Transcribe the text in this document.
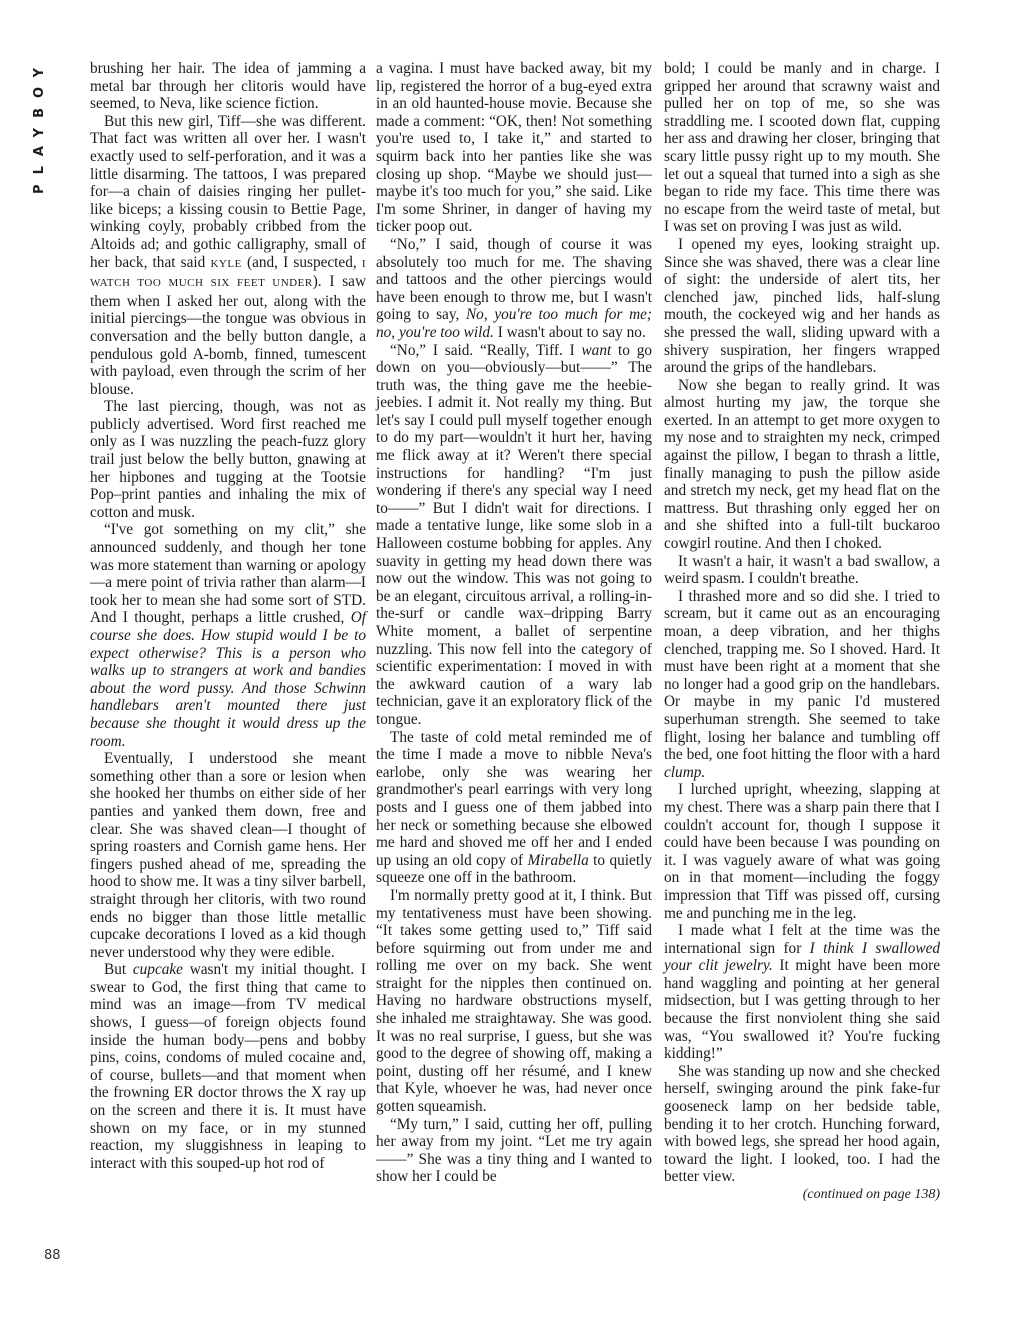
PLAYBOY	brushing her hair. The idea of jamming a metal bar through her clitoris would have seemed, to Neva, like science fiction.

But this new girl, Tiff—she was different. That fact was written all over her. I wasn't exactly used to self-perforation, and it was a little disarming. The tattoos, I was prepared for—a chain of daisies ringing her pullet-like biceps; a kissing cousin to Bettie Page, winking coyly, probably cribbed from the Altoids ad; and gothic calligraphy, small of her back, that said KYLE (and, I suspected, I WATCH TOO MUCH SIX FEET UNDER). I saw them when I asked her out, along with the initial piercings—the tongue was obvious in conversation and the belly button dangle, a pendulous gold A-bomb, finned, tumescent with payload, even through the scrim of her blouse.

The last piercing, though, was not as publicly advertised. Word first reached me only as I was nuzzling the peach-fuzz glory trail just below the belly button, gnawing at her hipbones and tugging at the Tootsie Pop–print panties and inhaling the mix of cotton and musk.

“I've got something on my clit,” she announced suddenly, and though her tone was more statement than warning or apology—a mere point of trivia rather than alarm—I took her to mean she had some sort of STD. And I thought, perhaps a little crushed, Of course she does. How stupid would I be to expect otherwise? This is a person who walks up to strangers at work and bandies about the word pussy. And those Schwinn handlebars aren't mounted there just because she thought it would dress up the room.

Eventually, I understood she meant something other than a sore or lesion when she hooked her thumbs on either side of her panties and yanked them down, free and clear. She was shaved clean—I thought of spring roasters and Cornish game hens. Her fingers pushed ahead of me, spreading the hood to show me. It was a tiny silver barbell, straight through her clitoris, with two round ends no bigger than those little metallic cupcake decorations I loved as a kid though never understood why they were edible.

But cupcake wasn't my initial thought. I swear to God, the first thing that came to mind was an image—from TV medical shows, I guess—of foreign objects found inside the human body—pens and bobby pins, coins, condoms of muled cocaine and, of course, bullets—and that moment when the frowning ER doctor throws the X ray up on the screen and there it is. It must have shown on my face, or in my stunned reaction, my sluggishness in leaping to interact with this souped-up hot rod of

a vagina. I must have backed away, bit my lip, registered the horror of a bug-eyed extra in an old haunted-house movie. Because she made a comment: “OK, then! Not something you're used to, I take it,” and started to squirm back into her panties like she was closing up shop. “Maybe we should just—maybe it's too much for you,” she said. Like I'm some Shriner, in danger of having my ticker poop out.

“No,” I said, though of course it was absolutely too much for me. The shaving and tattoos and the other piercings would have been enough to throw me, but I wasn't going to say, No, you're too much for me; no, you're too wild. I wasn't about to say no.

“No,” I said. “Really, Tiff. I want to go down on you—obviously—but——” The truth was, the thing gave me the heebie-jeebies. I admit it. Not really my thing. But let's say I could pull myself together enough to do my part—wouldn't it hurt her, having me flick away at it? Weren't there special instructions for handling? “I'm just wondering if there's any special way I need to——” But I didn't wait for directions. I made a tentative lunge, like some slob in a Halloween costume bobbing for apples. Any suavity in getting my head down there was now out the window. This was not going to be an elegant, circuitous arrival, a rolling-in-the-surf or candle wax–dripping Barry White moment, a ballet of serpentine nuzzling. This now fell into the category of scientific experimentation: I moved in with the awkward caution of a wary lab technician, gave it an exploratory flick of the tongue.

The taste of cold metal reminded me of the time I made a move to nibble Neva's earlobe, only she was wearing her grandmother's pearl earrings with very long posts and I guess one of them jabbed into her neck or something because she elbowed me hard and shoved me off her and I ended up using an old copy of Mirabella to quietly squeeze one off in the bathroom.

I'm normally pretty good at it, I think. But my tentativeness must have been showing. “It takes some getting used to,” Tiff said before squirming out from under me and rolling me over on my back. She went straight for the nipples then continued on. Having no hardware obstructions myself, she inhaled me straightaway. She was good. It was no real surprise, I guess, but she was good to the degree of showing off, making a point, dusting off her résumé, and I knew that Kyle, whoever he was, had never once gotten squeamish.

“My turn,” I said, cutting her off, pulling her away from my joint. “Let me try again——” She was a tiny thing and I wanted to show her I could be

bold; I could be manly and in charge. I gripped her around that scrawny waist and pulled her on top of me, so she was straddling me. I scooted down flat, cupping her ass and drawing her closer, bringing that scary little pussy right up to my mouth. She let out a squeal that turned into a sigh as she began to ride my face. This time there was no escape from the weird taste of metal, but I was set on proving I was just as wild.

I opened my eyes, looking straight up. Since she was shaved, there was a clear line of sight: the underside of alert tits, her clenched jaw, pinched lids, half-slung mouth, the cockeyed wig and her hands as she pressed the wall, sliding upward with a shivery suspiration, her fingers wrapped around the grips of the handlebars.

Now she began to really grind. It was almost hurting my jaw, the torque she exerted. In an attempt to get more oxygen to my nose and to straighten my neck, crimped against the pillow, I began to thrash a little, finally managing to push the pillow aside and stretch my neck, get my head flat on the mattress. But thrashing only egged her on and she shifted into a full-tilt buckaroo cowgirl routine. And then I choked.

It wasn't a hair, it wasn't a bad swallow, a weird spasm. I couldn't breathe.

I thrashed more and so did she. I tried to scream, but it came out as an encouraging moan, a deep vibration, and her thighs clenched, trapping me. So I shoved. Hard. It must have been right at a moment that she no longer had a good grip on the handlebars. Or maybe in my panic I'd mustered superhuman strength. She seemed to take flight, losing her balance and tumbling off the bed, one foot hitting the floor with a hard clump.

I lurched upright, wheezing, slapping at my chest. There was a sharp pain there that I couldn't account for, though I suppose it could have been because I was pounding on it. I was vaguely aware of what was going on in that moment—including the foggy impression that Tiff was pissed off, cursing me and punching me in the leg.

I made what I felt at the time was the international sign for I think I swallowed your clit jewelry. It might have been more hand waggling and pointing at her general midsection, but I was getting through to her because the first nonviolent thing she said was, “You swallowed it? You're fucking kidding!”

She was standing up now and she checked herself, swinging around the pink fake-fur gooseneck lamp on her bedside table, bending it to her crotch. Hunching forward, with bowed legs, she spread her hood again, toward the light. I looked, too. I had the better view.

(continued on page 138)

88
